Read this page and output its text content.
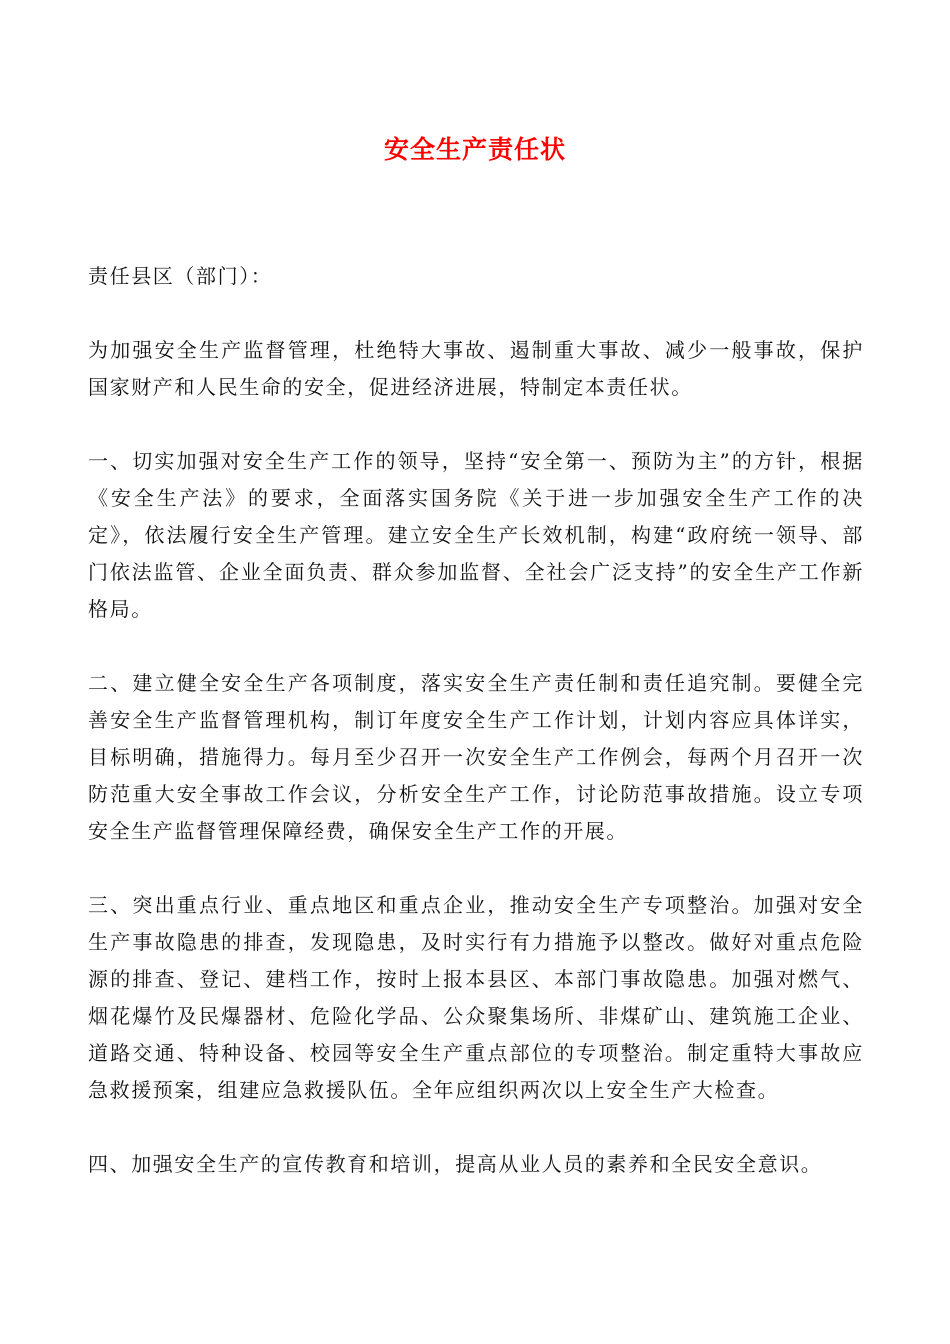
安全生产责任状

责任县区（部门）：

为加强安全生产监督管理，杜绝特大事故、遏制重大事故、减少一般事故，保护国家财产和人民生命的安全，促进经济进展，特制定本责任状。

一、切实加强对安全生产工作的领导，坚持“安全第一、预防为主”的方针，根据《安全生产法》的要求，全面落实国务院《关于进一步加强安全生产工作的决定》，依法履行安全生产管理。建立安全生产长效机制，构建“政府统一领导、部门依法监管、企业全面负责、群众参加监督、全社会广泛支持”的安全生产工作新格局。

二、建立健全安全生产各项制度，落实安全生产责任制和责任追究制。要健全完善安全生产监督管理机构，制订年度安全生产工作计划，计划内容应具体详实，目标明确，措施得力。每月至少召开一次安全生产工作例会，每两个月召开一次防范重大安全事故工作会议，分析安全生产工作，讨论防范事故措施。设立专项安全生产监督管理保障经费，确保安全生产工作的开展。

三、突出重点行业、重点地区和重点企业，推动安全生产专项整治。加强对安全生产事故隐患的排查，发现隐患，及时实行有力措施予以整改。做好对重点危险源的排查、登记、建档工作，按时上报本县区、本部门事故隐患。加强对燃气、烟花爆竹及民爆器材、危险化学品、公众聚集场所、非煤矿山、建筑施工企业、道路交通、特种设备、校园等安全生产重点部位的专项整治。制定重特大事故应急救援预案，组建应急救援队伍。全年应组织两次以上安全生产大检查。

四、加强安全生产的宣传教育和培训，提高从业人员的素养和全民安全意识。
